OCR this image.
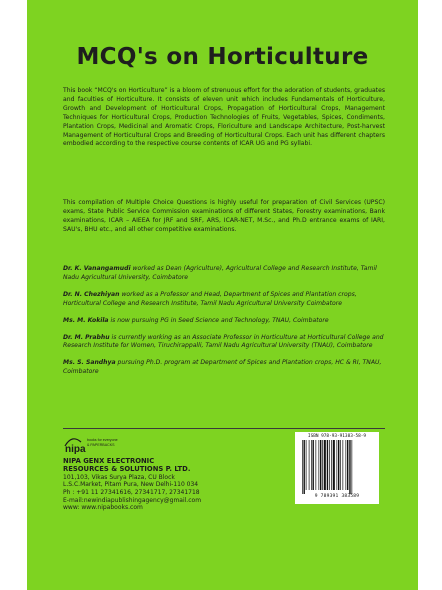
MCQ's on Horticulture
This book “MCQ's on Horticulture” is a bloom of strenuous effort for the adoration of students, graduates and faculties of Horticulture. It consists of eleven unit which includes Fundamentals of Horticulture, Growth and Development of Horticultural Crops, Propagation of Horticultural Crops, Management Techniques for Horticultural Crops, Production Technologies of Fruits, Vegetables, Spices, Condiments, Plantation Crops, Medicinal and Aromatic Crops, Floriculture and Landscape Architecture, Post-harvest Management of Horticultural Crops and Breeding of Horticultural Crops. Each unit has different chapters embodied according to the respective course contents of ICAR UG and PG syllabi.
This compilation of Multiple Choice Questions is highly useful for preparation of Civil Services (UPSC) exams, State Public Service Commission examinations of different States, Forestry examinations, Bank examinations, ICAR – AIEEA for JRF and SRF, ARS, ICAR-NET, M.Sc., and Ph.D entrance exams of IARI, SAU's, BHU etc., and all other competitive examinations.
Dr. K. Vanangamudi worked as Dean (Agriculture), Agricultural College and Research Institute, Tamil Nadu Agricultural University, Coimbatore
Dr. N. Chezhiyan worked as a Professor and Head, Department of Spices and Plantation crops, Horticultural College and Research Institute, Tamil Nadu Agricultural University Coimbatore
Ms. M. Kokila is now pursuing PG in Seed Science and Technology, TNAU, Coimbatore
Dr. M. Prabhu is currently working as an Associate Professor in Horticulture at Horticultural College and Research Institute for Women, Tiruchirappalli, Tamil Nadu Agricultural University (TNAU), Coimbatore
Ms. S. Sandhya pursuing Ph.D. program at Department of Spices and Plantation crops, HC & RI, TNAU, Coimbatore
nipa
books for everyone
& PAPERBACKS
NIPA GENX ELECTRONIC
RESOURCES & SOLUTIONS P. LTD.
101,103, Vikas Surya Plaza, CU Block
L.S.C.Market, Pitam Pura, New Delhi-110 034
Ph : +91 11 27341616, 27341717, 27341718
E-mail:newindiapublishingagency@gmail.com
www: www.nipabooks.com
ISBN 978-93-91383-58-9
9 789391 383589
